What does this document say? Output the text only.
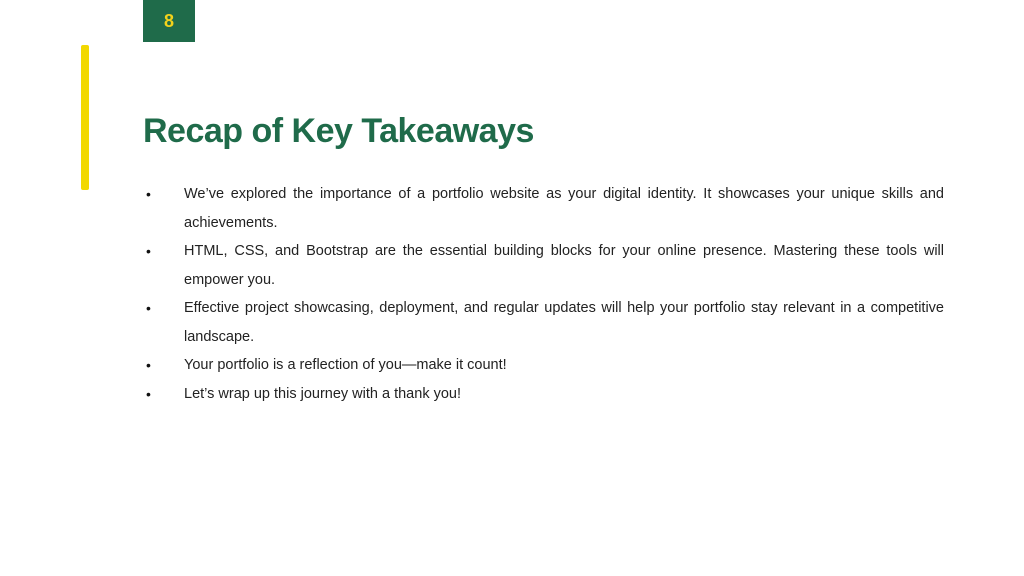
8
Recap of Key Takeaways
• We’ve explored the importance of a portfolio website as your digital identity. It showcases your unique skills and achievements.
• HTML, CSS, and Bootstrap are the essential building blocks for your online presence. Mastering these tools will empower you.
• Effective project showcasing, deployment, and regular updates will help your portfolio stay relevant in a competitive landscape.
• Your portfolio is a reflection of you—make it count!
• Let’s wrap up this journey with a thank you!
